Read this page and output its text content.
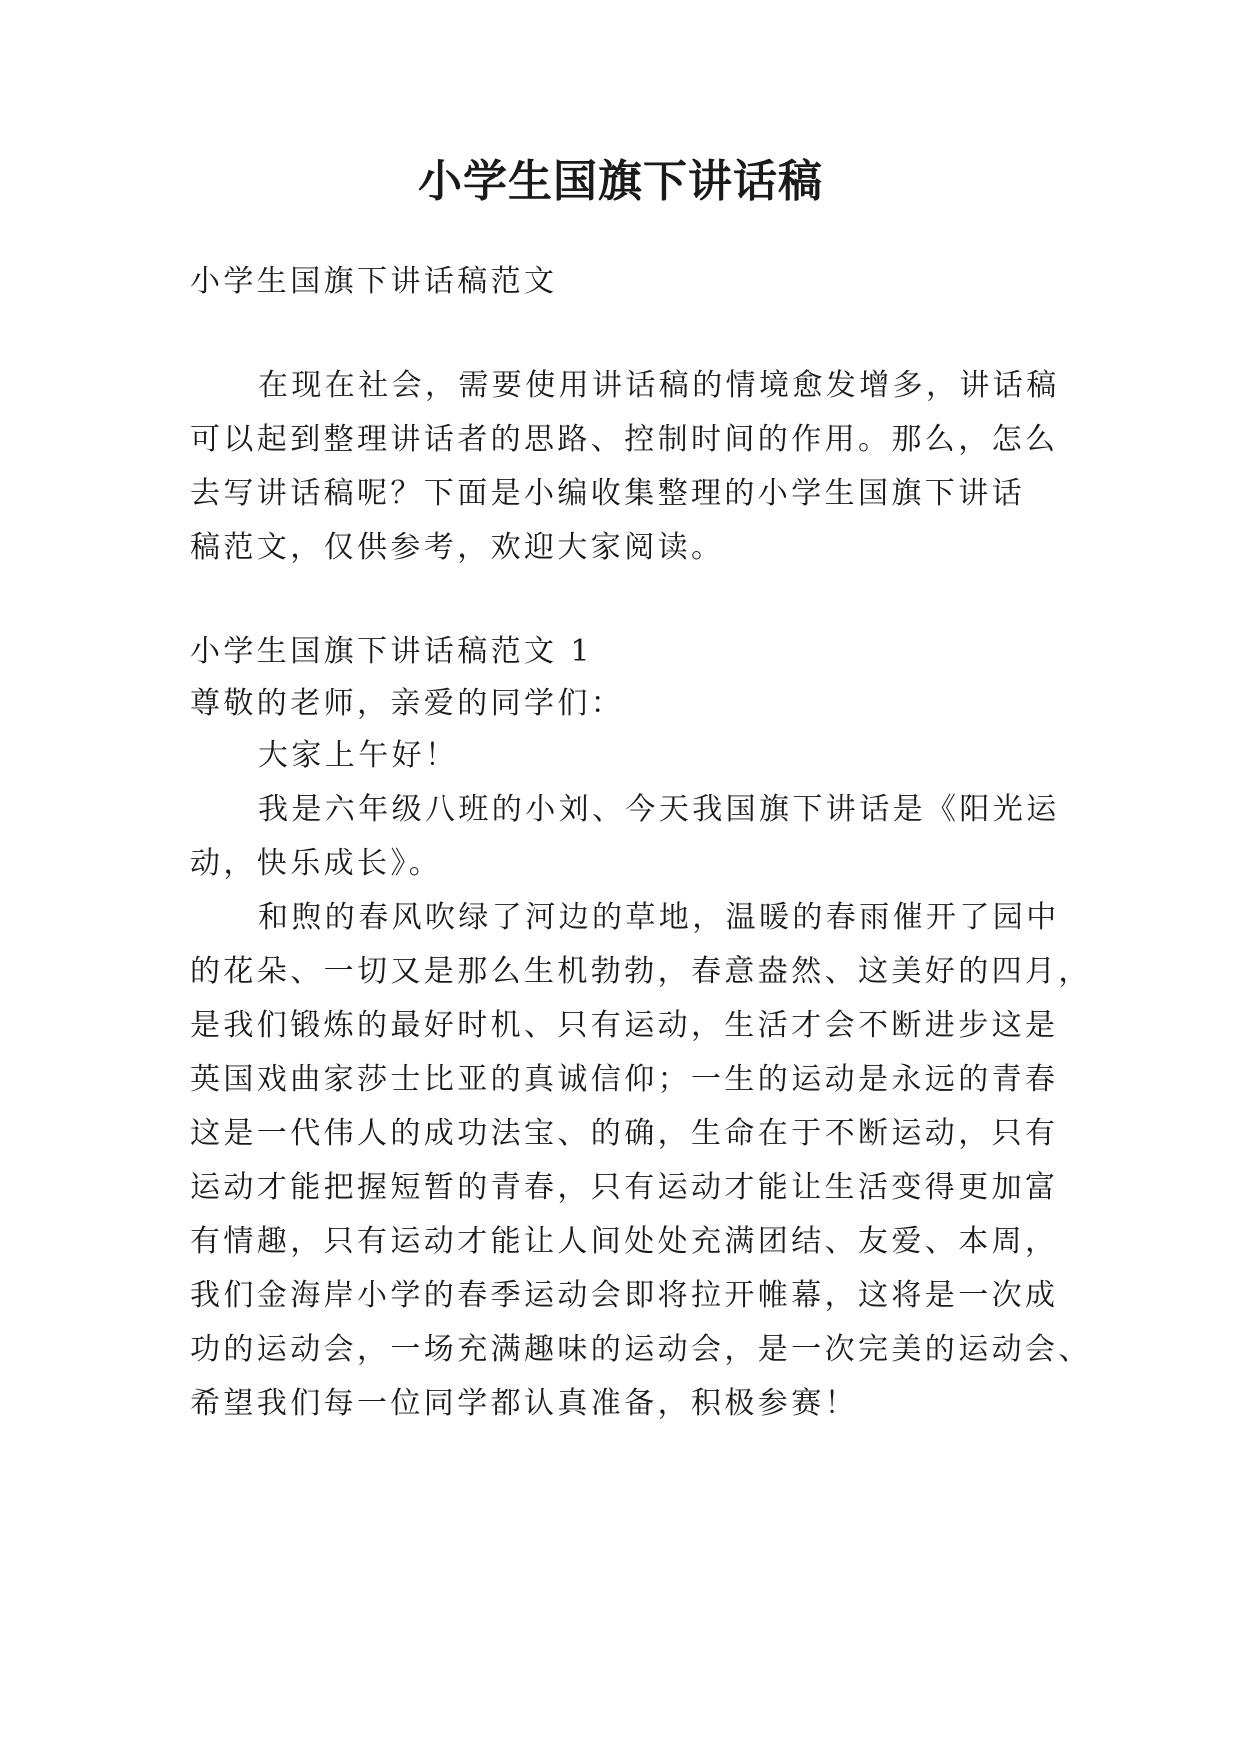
小学生国旗下讲话稿

小学生国旗下讲话稿范文

在现在社会，需要使用讲话稿的情境愈发增多，讲话稿

可以起到整理讲话者的思路、控制时间的作用。那么，怎么

去写讲话稿呢？下面是小编收集整理的小学生国旗下讲话

稿范文，仅供参考，欢迎大家阅读。

小学生国旗下讲话稿范文 1

尊敬的老师，亲爱的同学们：

大家上午好！

我是六年级八班的小刘、今天我国旗下讲话是《阳光运

动，快乐成长》。

和煦的春风吹绿了河边的草地，温暖的春雨催开了园中

的花朵、一切又是那么生机勃勃，春意盎然、这美好的四月，

是我们锻炼的最好时机、只有运动，生活才会不断进步这是

英国戏曲家莎士比亚的真诚信仰；一生的运动是永远的青春

这是一代伟人的成功法宝、的确，生命在于不断运动，只有

运动才能把握短暂的青春，只有运动才能让生活变得更加富

有情趣，只有运动才能让人间处处充满团结、友爱、本周，

我们金海岸小学的春季运动会即将拉开帷幕，这将是一次成

功的运动会，一场充满趣味的运动会，是一次完美的运动会、

希望我们每一位同学都认真准备，积极参赛！
